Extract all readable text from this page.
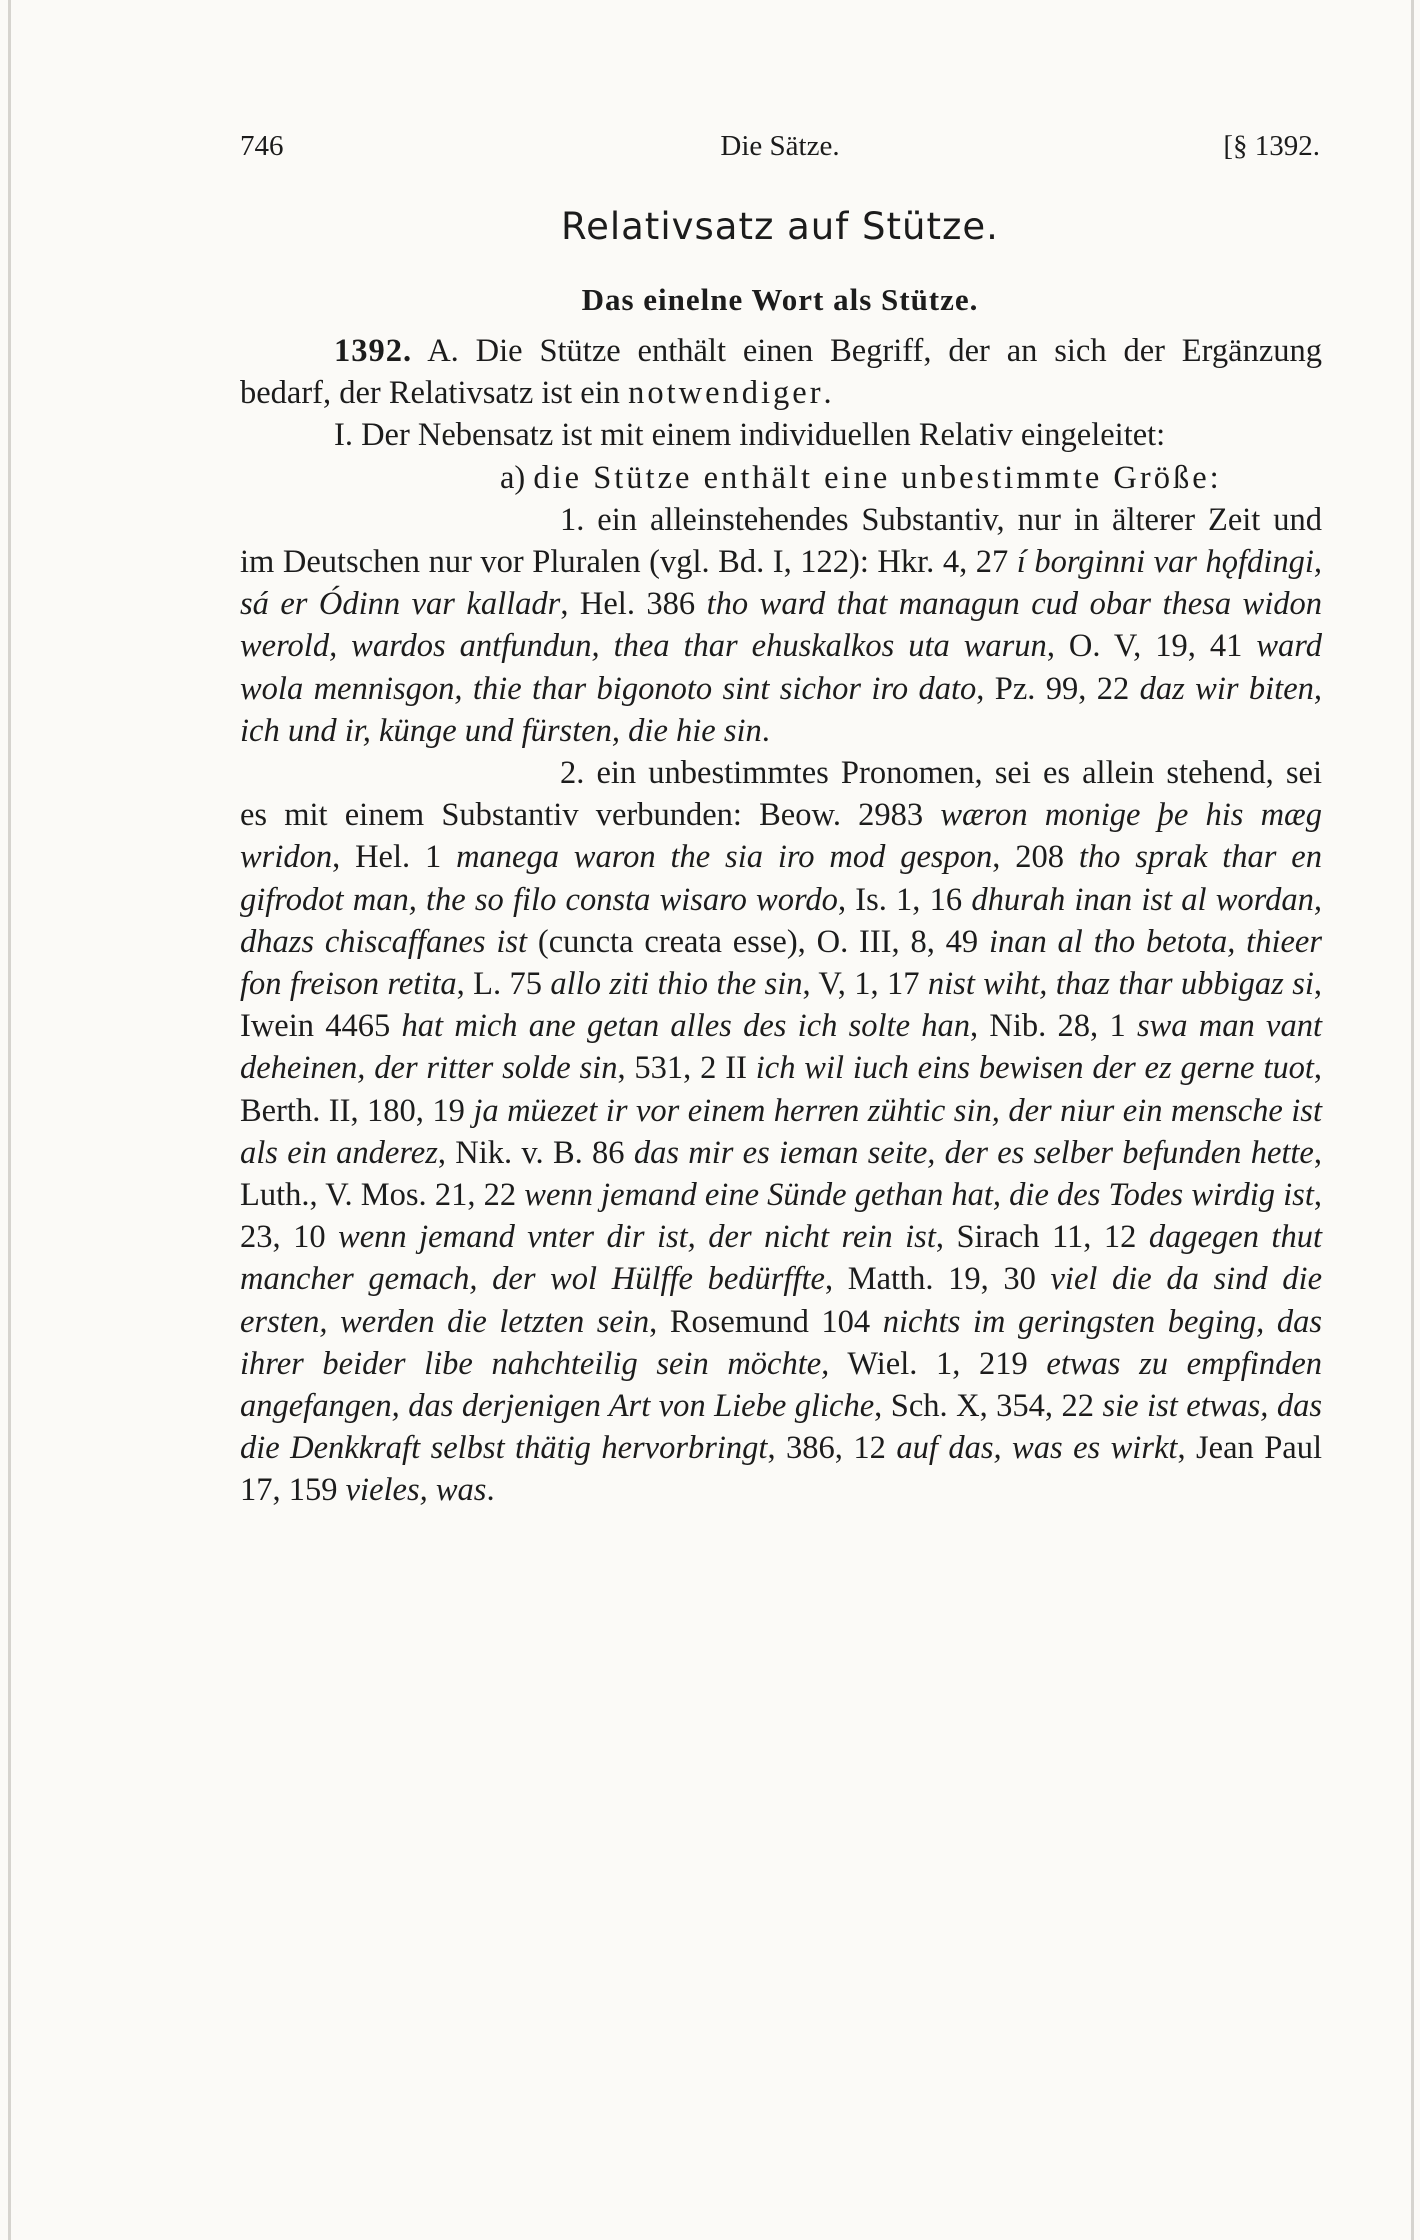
746	Die Sätze.	[§ 1392.
Relativsatz auf Stütze.
Das einelne Wort als Stütze.

1392. A. Die Stütze enthält einen Begriff, der an sich der Ergänzung bedarf, der Relativsatz ist ein notwendiger.

I. Der Nebensatz ist mit einem individuellen Relativ eingeleitet:

a) die Stütze enthält eine unbestimmte Größe:

1. ein alleinstehendes Substantiv, nur in älterer Zeit und im Deutschen nur vor Pluralen (vgl. Bd. I, 122): Hkr. 4, 27 í borginni var hǫfdingi, sá er Ódinn var kalladr, Hel. 386 tho ward that managun cud obar thesa widon werold, wardos antfundun, thea thar ehuskalkos uta warun, O. V, 19, 41 ward wola mennisgon, thie thar bigonoto sint sichor iro dato, Pz. 99, 22 daz wir biten, ich und ir, künge und fürsten, die hie sin.

2. ein unbestimmtes Pronomen, sei es allein stehend, sei es mit einem Substantiv verbunden: Beow. 2983 wæron monige þe his mæg wridon, Hel. 1 manega waron the sia iro mod gespon, 208 tho sprak thar en gifrodot man, the so filo consta wisaro wordo, Is. 1, 16 dhurah inan ist al wordan, dhazs chiscaffanes ist (cuncta creata esse), O. III, 8, 49 inan al tho betota, thieer fon freison retita, L. 75 allo ziti thio the sin, V, 1, 17 nist wiht, thaz thar ubbigaz si, Iwein 4465 hat mich ane getan alles des ich solte han, Nib. 28, 1 swa man vant deheinen, der ritter solde sin, 531, 2 II ich wil iuch eins bewisen der ez gerne tuot, Berth. II, 180, 19 ja müezet ir vor einem herren zühtic sin, der niur ein mensche ist als ein anderez, Nik. v. B. 86 das mir es ieman seite, der es selber befunden hette, Luth., V. Mos. 21, 22 wenn jemand eine Sünde gethan hat, die des Todes wirdig ist, 23, 10 wenn jemand vnter dir ist, der nicht rein ist, Sirach 11, 12 dagegen thut mancher gemach, der wol Hülffe bedürffte, Matth. 19, 30 viel die da sind die ersten, werden die letzten sein, Rosemund 104 nichts im geringsten beging, das ihrer beider libe nahchteilig sein möchte, Wiel. 1, 219 etwas zu empfinden angefangen, das derjenigen Art von Liebe gliche, Sch. X, 354, 22 sie ist etwas, das die Denkkraft selbst thätig hervorbringt, 386, 12 auf das, was es wirkt, Jean Paul 17, 159 vieles, was.
